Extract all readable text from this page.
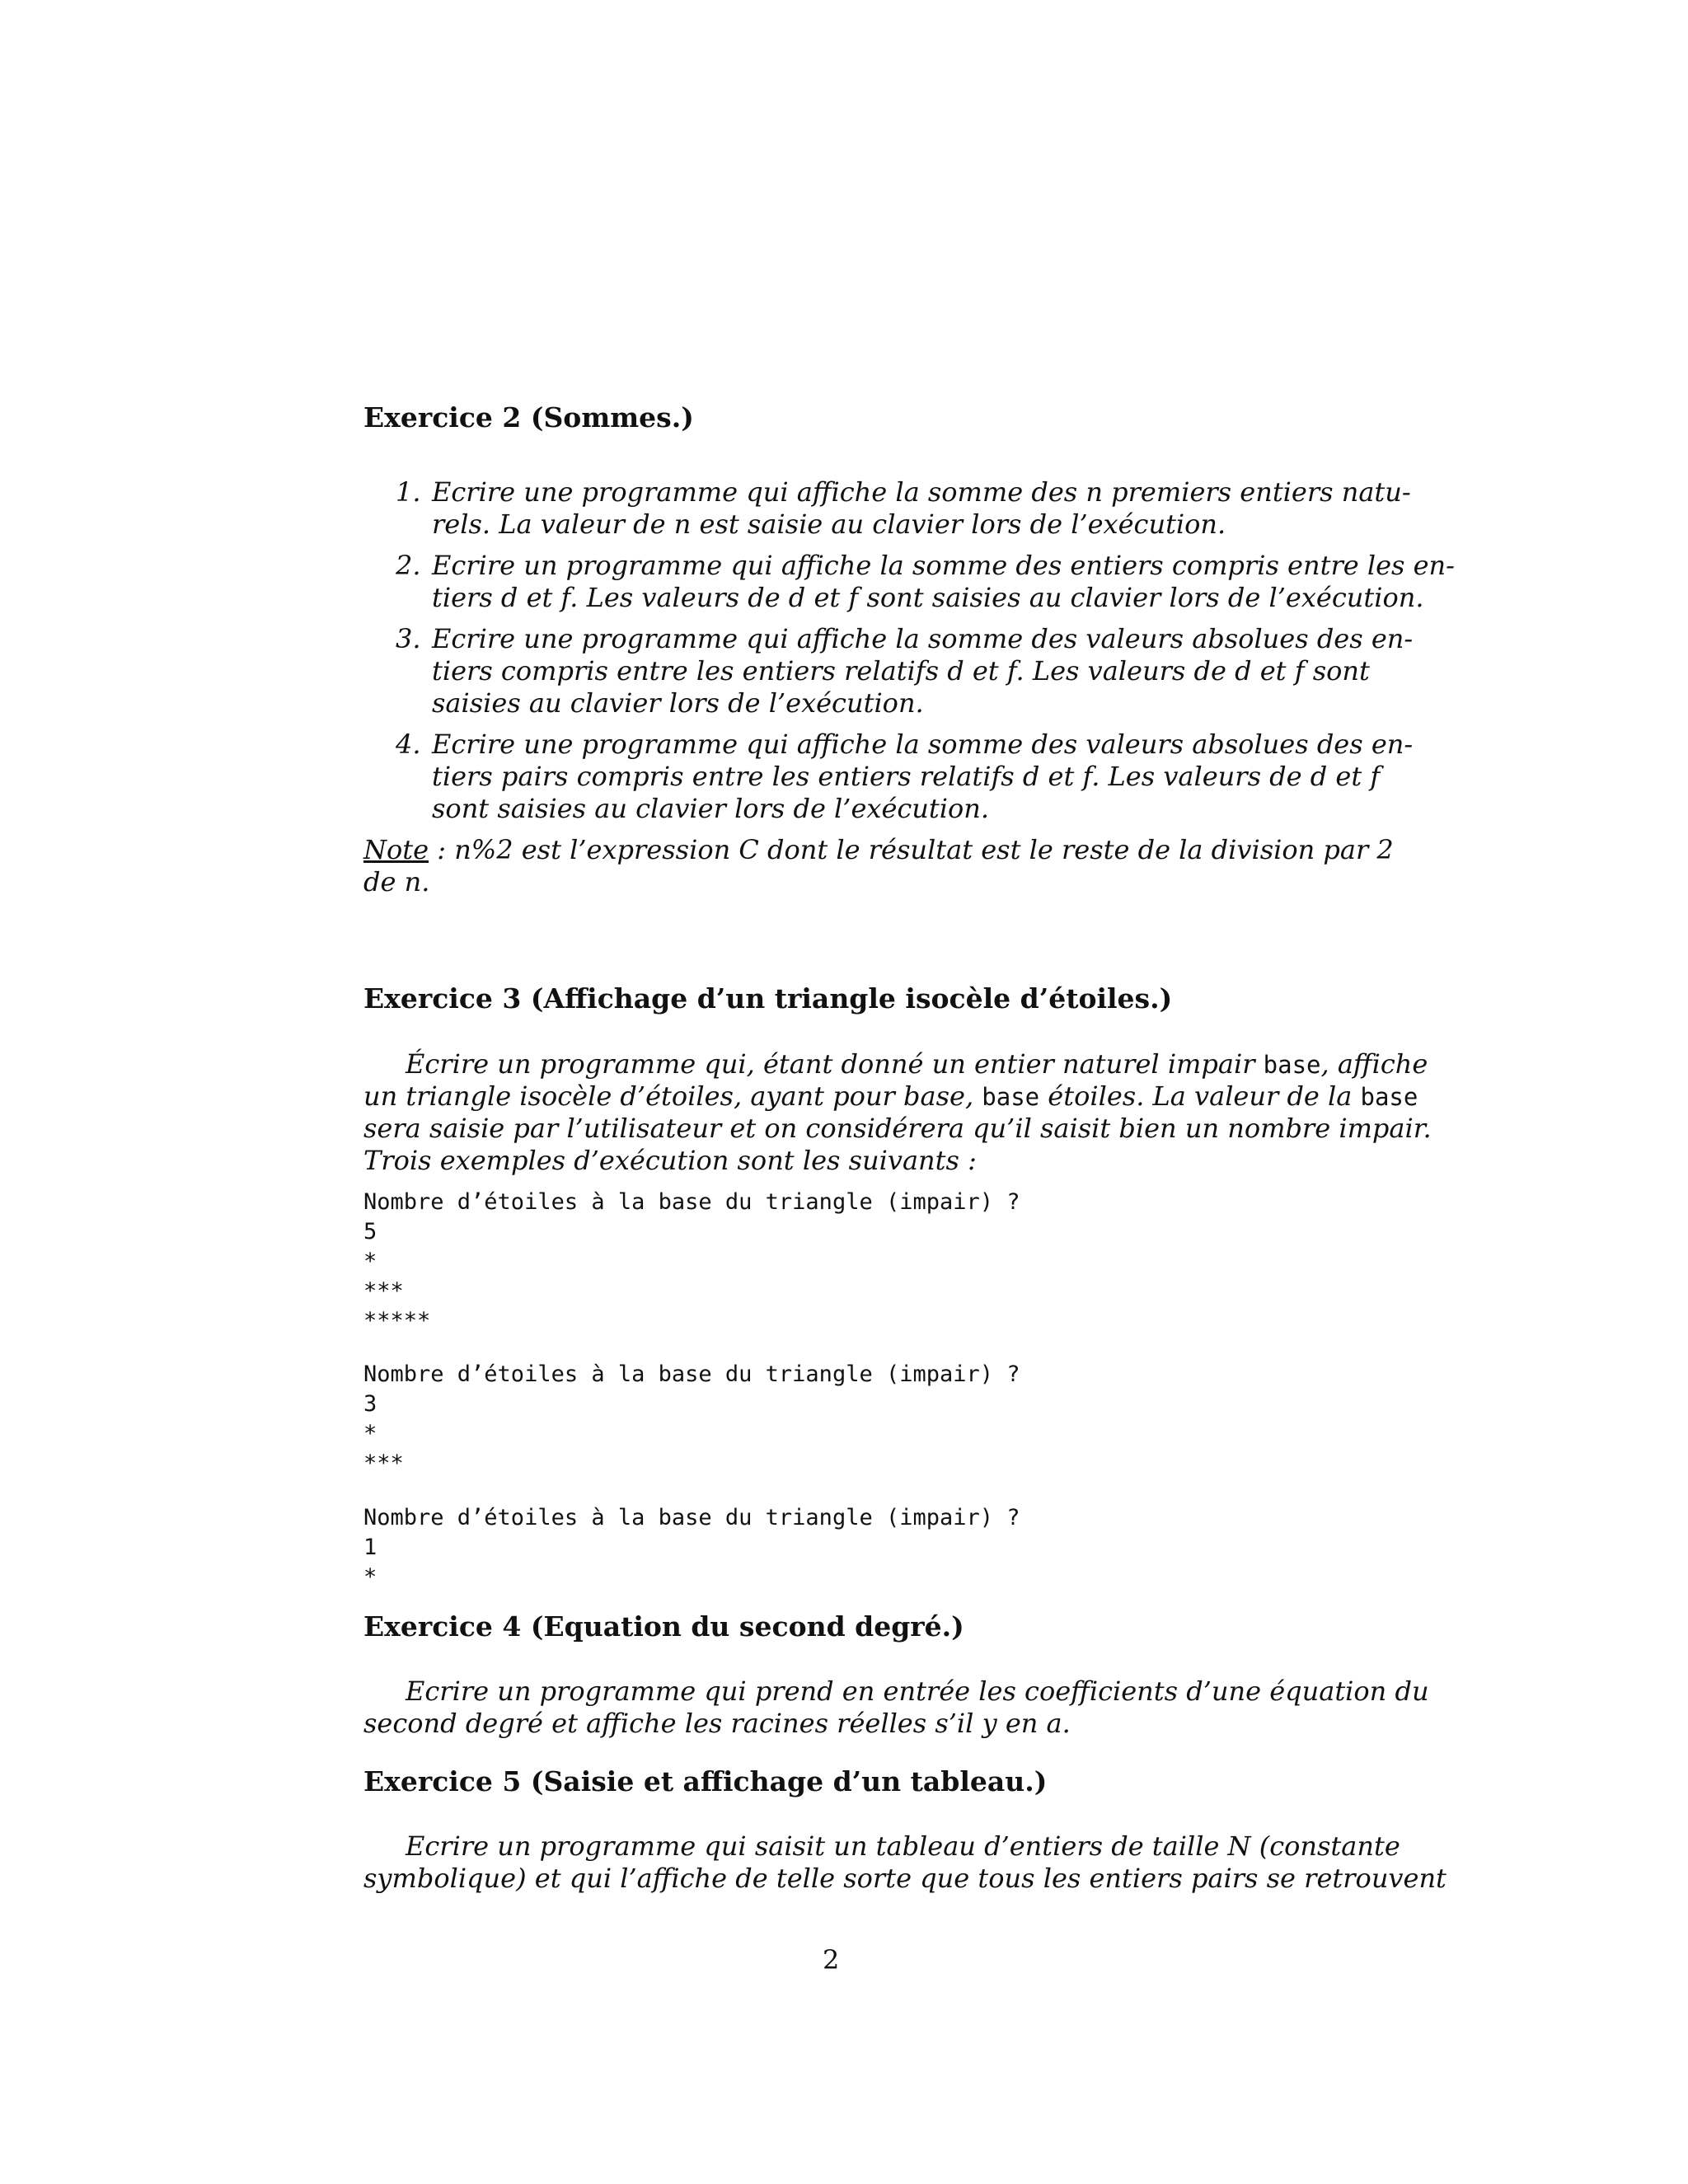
Exercice 2 (Sommes.)
1. Ecrire une programme qui affiche la somme des n premiers entiers natu-
rels. La valeur de n est saisie au clavier lors de l’exécution.
2. Ecrire un programme qui affiche la somme des entiers compris entre les en-
tiers d et f. Les valeurs de d et f sont saisies au clavier lors de l’exécution.
3. Ecrire une programme qui affiche la somme des valeurs absolues des en-
tiers compris entre les entiers relatifs d et f. Les valeurs de d et f sont
saisies au clavier lors de l’exécution.
4. Ecrire une programme qui affiche la somme des valeurs absolues des en-
tiers pairs compris entre les entiers relatifs d et f. Les valeurs de d et f
sont saisies au clavier lors de l’exécution.
Note : n%2 est l’expression C dont le résultat est le reste de la division par 2
de n.
Exercice 3 (Affichage d’un triangle isocèle d’étoiles.)
Écrire un programme qui, étant donné un entier naturel impair base, affiche
un triangle isocèle d’étoiles, ayant pour base, base étoiles. La valeur de la base
sera saisie par l’utilisateur et on considérera qu’il saisit bien un nombre impair.
Trois exemples d’exécution sont les suivants :
Nombre d’étoiles à la base du triangle (impair) ?
5
*
***
*****
Nombre d’étoiles à la base du triangle (impair) ?
3
*
***
Nombre d’étoiles à la base du triangle (impair) ?
1
*
Exercice 4 (Equation du second degré.)
Ecrire un programme qui prend en entrée les coefficients d’une équation du
second degré et affiche les racines réelles s’il y en a.
Exercice 5 (Saisie et affichage d’un tableau.)
Ecrire un programme qui saisit un tableau d’entiers de taille N (constante
symbolique) et qui l’affiche de telle sorte que tous les entiers pairs se retrouvent
2
